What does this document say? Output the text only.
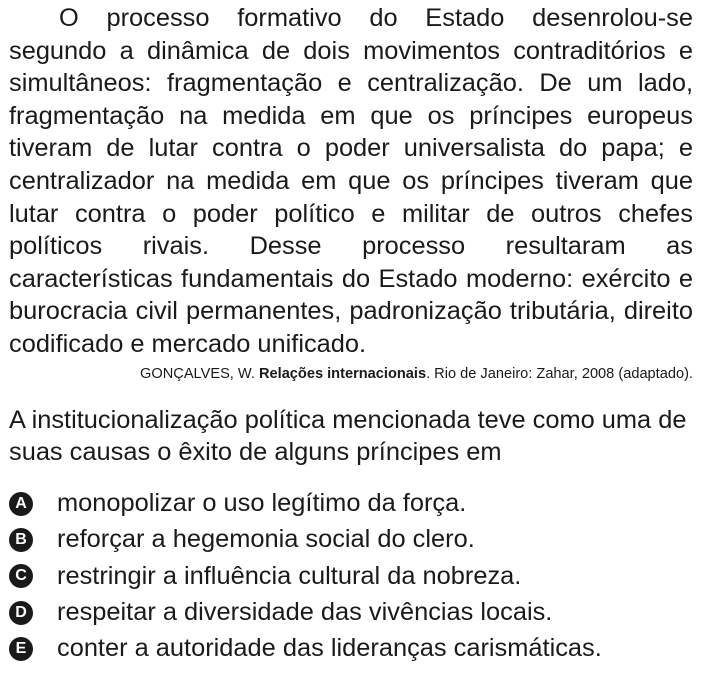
O processo formativo do Estado desenrolou-se segundo a dinâmica de dois movimentos contraditórios e simultâneos: fragmentação e centralização. De um lado, fragmentação na medida em que os príncipes europeus tiveram de lutar contra o poder universalista do papa; e centralizador na medida em que os príncipes tiveram que lutar contra o poder político e militar de outros chefes políticos rivais. Desse processo resultaram as características fundamentais do Estado moderno: exército e burocracia civil permanentes, padronização tributária, direito codificado e mercado unificado.

GONÇALVES, W. Relações internacionais. Rio de Janeiro: Zahar, 2008 (adaptado).

A institucionalização política mencionada teve como uma de suas causas o êxito de alguns príncipes em

A monopolizar o uso legítimo da força.
B reforçar a hegemonia social do clero.
C restringir a influência cultural da nobreza.
D respeitar a diversidade das vivências locais.
E conter a autoridade das lideranças carismáticas.
